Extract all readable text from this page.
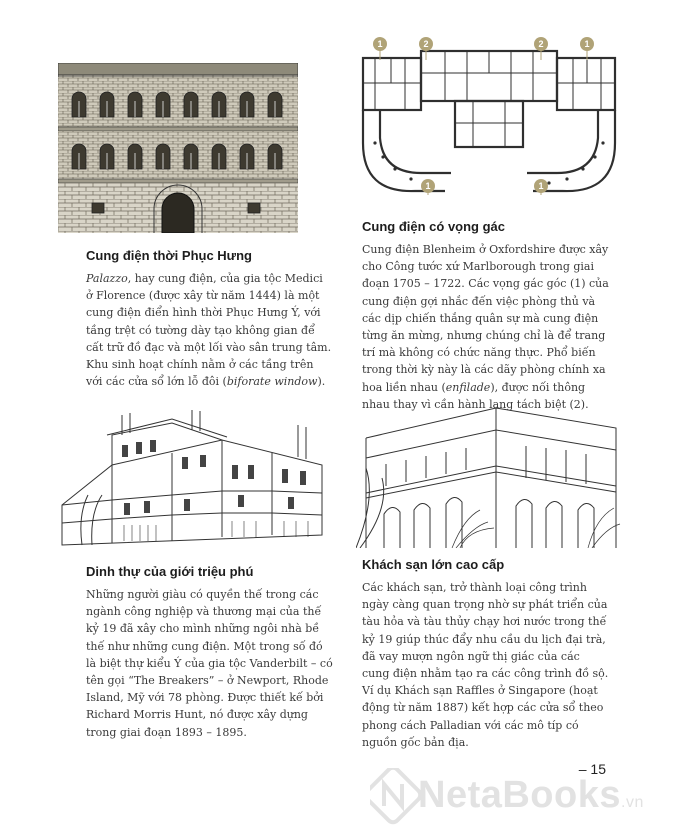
Cung điện thời Phục Hưng

Palazzo, hay cung điện, của gia tộc Medici ở Florence (được xây từ năm 1444) là một cung điện điển hình thời Phục Hưng Ý, với tầng trệt có tường dày tạo không gian để cất trữ đồ đạc và một lối vào sân trung tâm. Khu sinh hoạt chính nằm ở các tầng trên với các cửa sổ lớn lỗ đôi (biforate window).

1	2	2	1
1	1
Cung điện có vọng gác

Cung điện Blenheim ở Oxfordshire được xây cho Công tước xứ Marlborough trong giai đoạn 1705 – 1722. Các vọng gác góc (1) của cung điện gợi nhắc đến việc phòng thủ và các dịp chiến thắng quân sự mà cung điện từng ăn mừng, nhưng chúng chỉ là để trang trí mà không có chức năng thực. Phổ biến trong thời kỳ này là các dãy phòng chính xa hoa liền nhau (enfilade), được nối thông nhau thay vì cần hành lang tách biệt (2).

Dinh thự của giới triệu phú

Những người giàu có quyền thế trong các ngành công nghiệp và thương mại của thế kỷ 19 đã xây cho mình những ngôi nhà bề thế như những cung điện. Một trong số đó là biệt thự kiểu Ý của gia tộc Vanderbilt – có tên gọi “The Breakers” – ở Newport, Rhode Island, Mỹ với 78 phòng. Được thiết kế bởi Richard Morris Hunt, nó được xây dựng trong giai đoạn 1893 – 1895.

Khách sạn lớn cao cấp

Các khách sạn, trở thành loại công trình ngày càng quan trọng nhờ sự phát triển của tàu hỏa và tàu thủy chạy hơi nước trong thế kỷ 19 giúp thúc đẩy nhu cầu du lịch đại trà, đã vay mượn ngôn ngữ thị giác của các cung điện nhằm tạo ra các công trình đồ sộ. Ví dụ Khách sạn Raffles ở Singapore (hoạt động từ năm 1887) kết hợp các cửa sổ theo phong cách Palladian với các mô típ có nguồn gốc bản địa.

– 15
NetaBooks.vn
